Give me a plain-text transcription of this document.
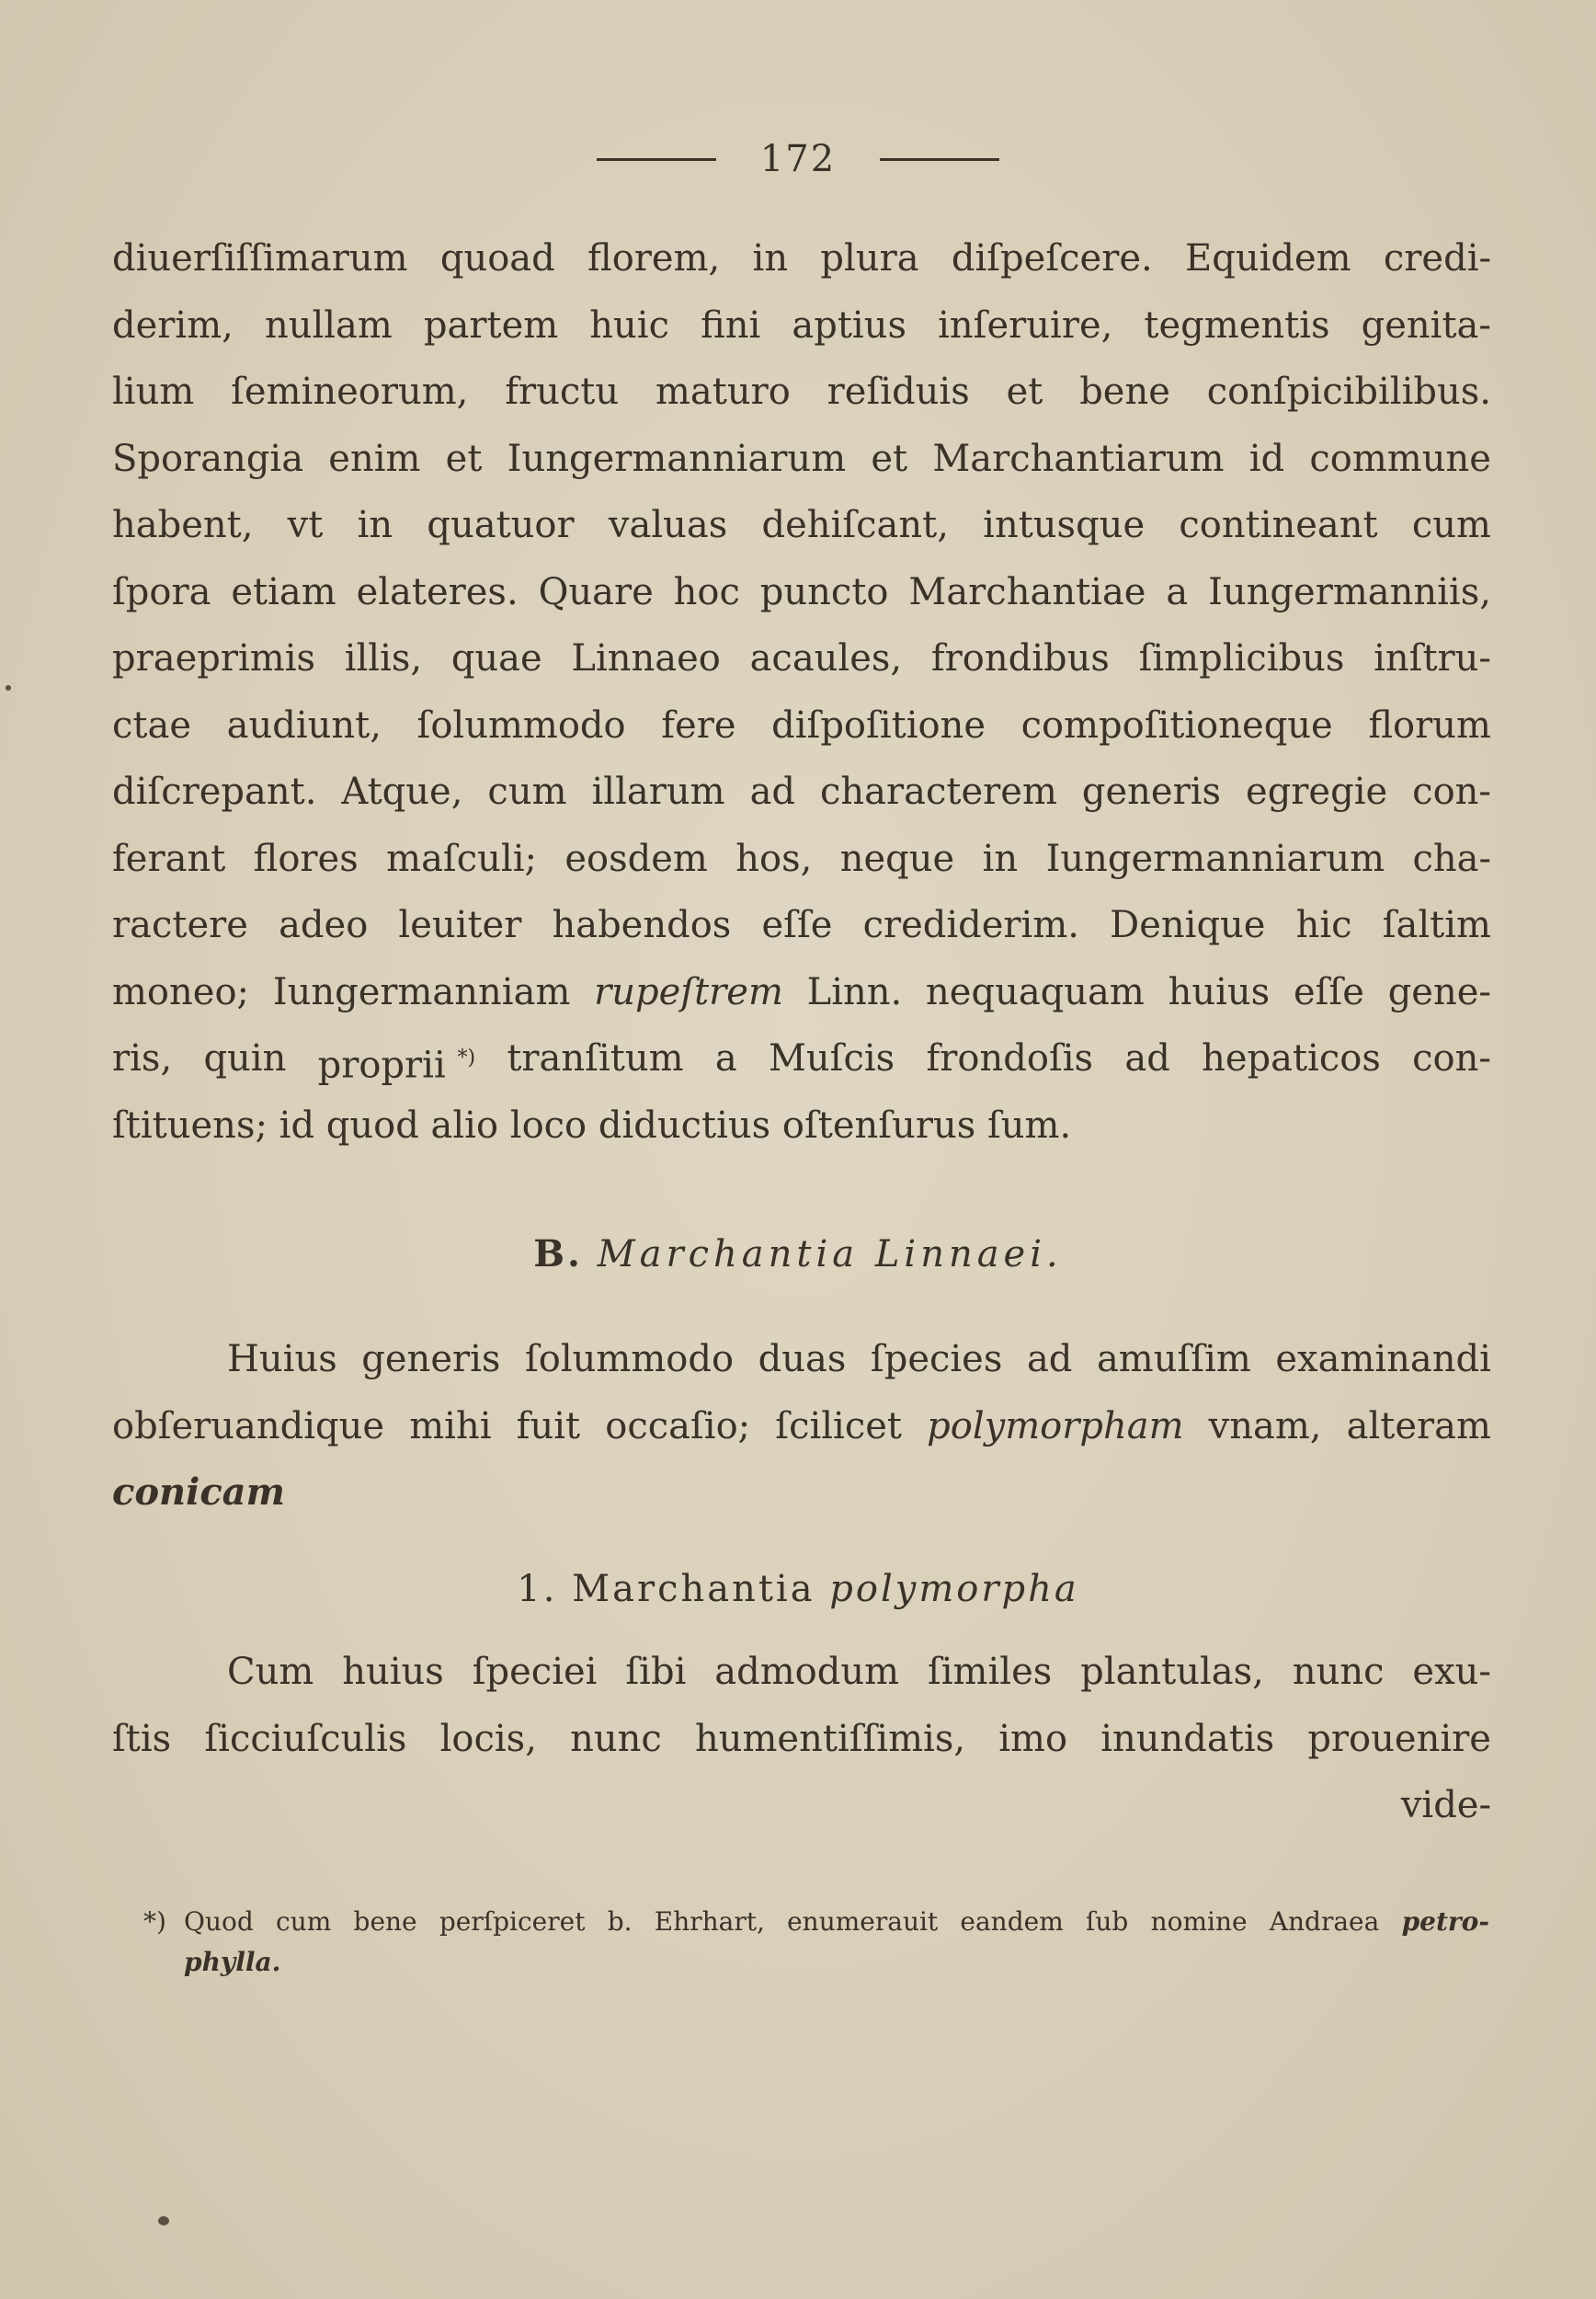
172
diuerſiſſimarum quoad florem, in plura diſpeſcere. Equidem credi-
derim, nullam partem huic fini aptius inſeruire, tegmentis genita-
lium ſemineorum, fructu maturo reſiduis et bene conſpicibilibus.
Sporangia enim et Iungermanniarum et Marchantiarum id commune
habent, vt in quatuor valuas dehiſcant, intusque contineant cum
ſpora etiam elateres. Quare hoc puncto Marchantiae a Iungermanniis,
praeprimis illis, quae Linnaeo acaules, frondibus ſimplicibus inſtru-
ctae audiunt, ſolummodo fere diſpoſitione compoſitioneque florum
diſcrepant. Atque, cum illarum ad characterem generis egregie con-
ferant flores maſculi; eosdem hos, neque in Iungermanniarum cha-
ractere adeo leuiter habendos eſſe crediderim. Denique hic ſaltim
moneo; Iungermanniam rupeſtrem Linn. nequaquam huius eſſe gene-
ris, quin proprii *) tranſitum a Muſcis frondoſis ad hepaticos con-
ſtituens; id quod alio loco diductius oſtenſurus ſum.
B. Marchantia Linnaei.
Huius generis ſolummodo duas ſpecies ad amuſſim examinandi
obſeruandique mihi fuit occaſio; ſcilicet polymorpham vnam, alteram
conicam
1. Marchantia polymorpha
Cum huius ſpeciei ſibi admodum ſimiles plantulas, nunc exu-
ſtis ſicciuſculis locis, nunc humentiſſimis, imo inundatis prouenire
vide-
*) Quod cum bene perſpiceret b. Ehrhart, enumerauit eandem ſub nomine Andraea petro-
phylla.
